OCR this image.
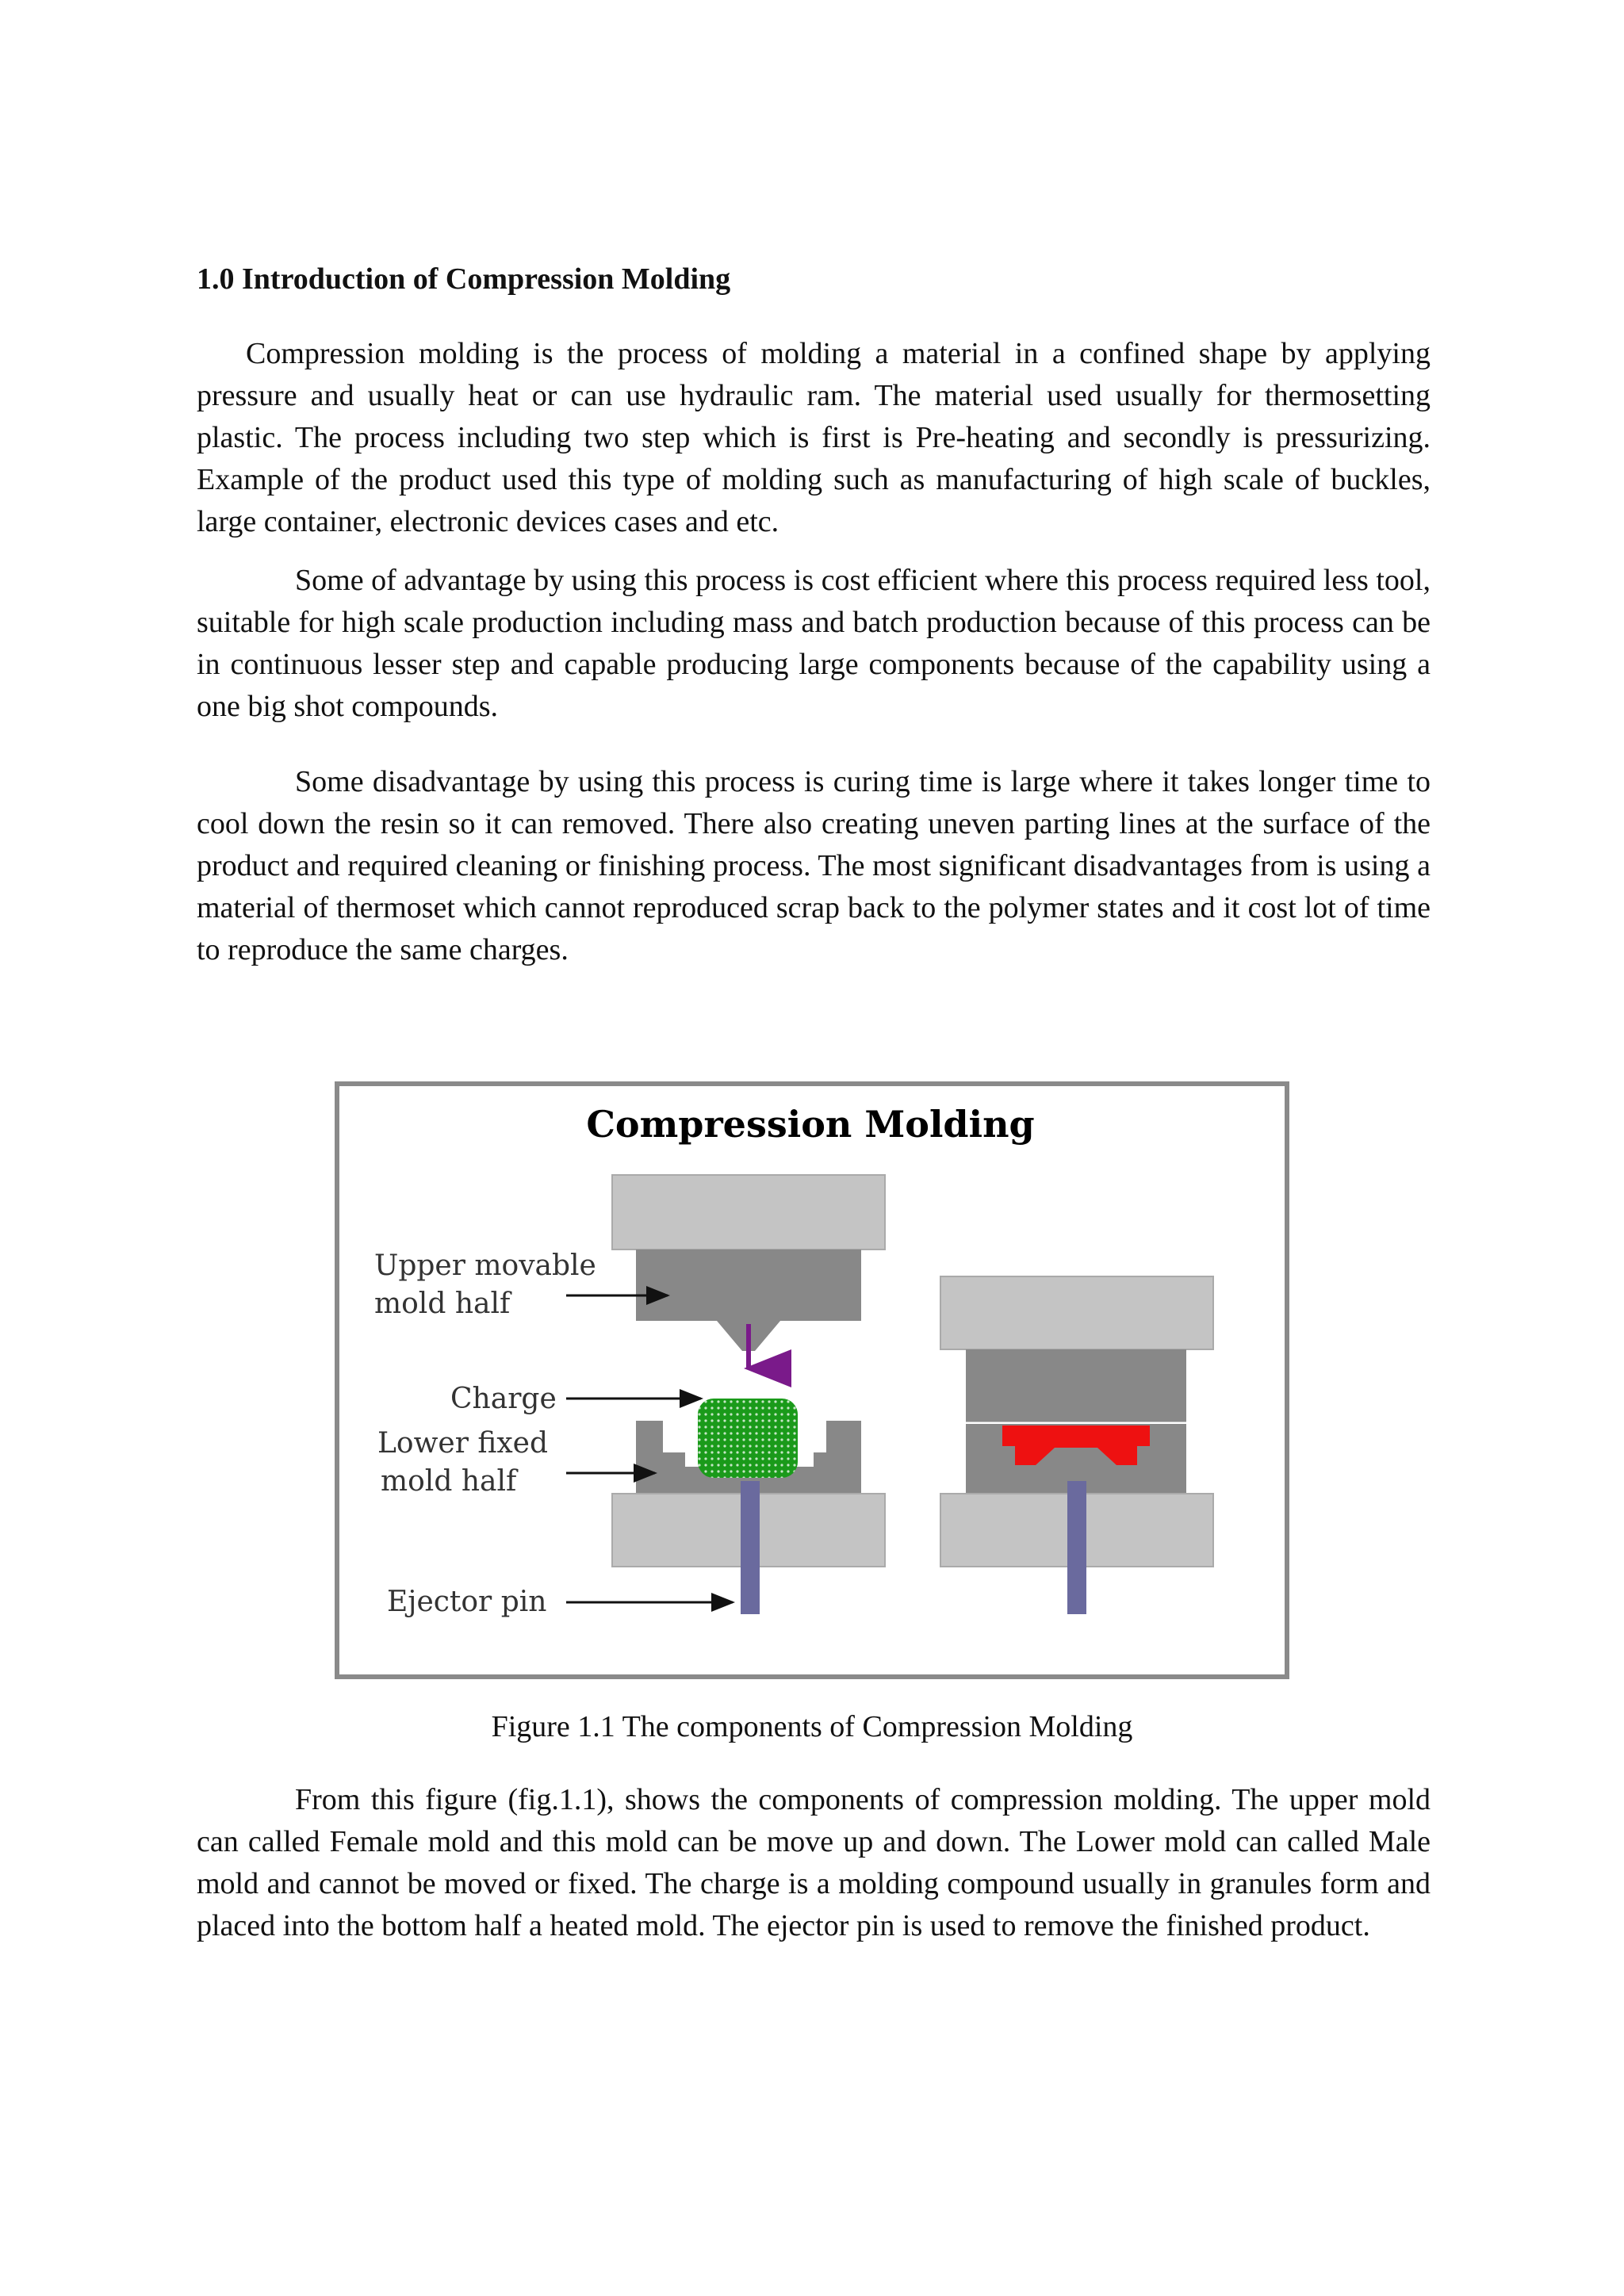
1.0 Introduction of Compression Molding
Compression molding is the process of molding a material in a confined shape by applying pressure and usually heat or can use hydraulic ram. The material used usually for thermosetting plastic. The process including two step which is first is Pre-heating and secondly is pressurizing. Example of the product used this type of molding such as manufacturing of high scale of buckles, large container, electronic devices cases and etc.
Some of advantage by using this process is cost efficient where this process required less tool, suitable for high scale production including mass and batch production because of this process can be in continuous lesser step and capable producing large components because of the capability using a one big shot compounds.
Some disadvantage by using this process is curing time is large where it takes longer time to cool down the resin so it can removed. There also creating uneven parting lines at the surface of the product and required cleaning or finishing process. The most significant disadvantages from is using a material of thermoset which cannot reproduced scrap back to the polymer states and it cost lot of time to reproduce the same charges.
Compression Molding
Upper movable
mold half
Charge
Lower fixed
mold half
Ejector pin
Figure 1.1 The components of Compression Molding
From this figure (fig.1.1), shows the components of compression molding. The upper mold can called Female mold and this mold can be move up and down. The Lower mold can called Male mold and cannot be moved or fixed. The charge is a molding compound usually in granules form and placed into the bottom half a heated mold. The ejector pin is used to remove the finished product.
